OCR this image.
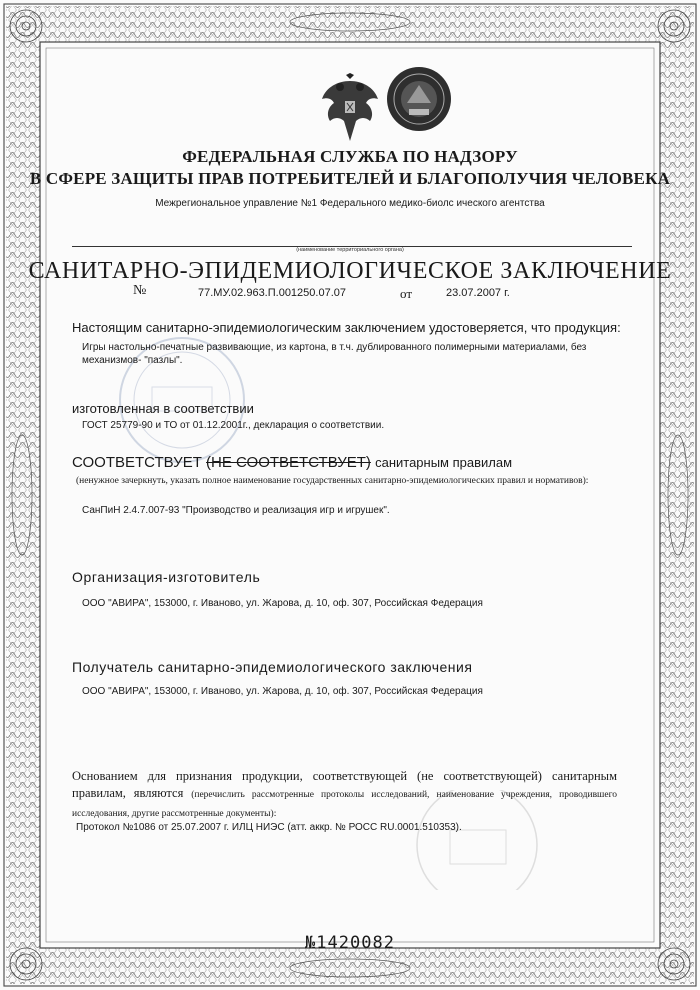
ФЕДЕРАЛЬНАЯ СЛУЖБА ПО НАДЗОРУ

В СФЕРЕ ЗАЩИТЫ ПРАВ ПОТРЕБИТЕЛЕЙ И БЛАГОПОЛУЧИЯ ЧЕЛОВЕКА

Межрегиональное управление №1 Федерального медико-биолс ическогo агентства

(наименование территориального органа)

САНИТАРНО-ЭПИДЕМИОЛОГИЧЕСКОЕ ЗАКЛЮЧЕНИЕ

№	77.МУ.02.963.П.001250.07.07	от	23.07.2007 г.

Настоящим санитарно-эпидемиологическим заключением удостоверяется, что продукция:

Игры настольно-печатные развивающие, из картона, в т.ч. дублированного полимерными материалами, без механизмов- "пазлы".

изготовленная в соответствии

ГОСТ 25779-90 и ТО от 01.12.2001г., декларация о соответствии.

СООТВЕТСТВУЕТ (НЕ СООТВЕТСТВУЕТ) санитарным правилам

(ненужное зачеркнуть, указать полное наименование государственных санитарно-эпидемиологических правил и нормативов):

СанПиН 2.4.7.007-93 "Производство и реализация игр и игрушек".

Организация-изготовитель

ООО "АВИРА", 153000, г. Иваново, ул. Жарова, д. 10, оф. 307, Российская Федерация

Получатель санитарно-эпидемиологического заключения

ООО "АВИРА", 153000, г. Иваново, ул. Жарова, д. 10, оф. 307, Российская Федерация

Основанием для признания продукции, соответствующей (не соответствующей) санитарным правилам, являются (перечислить рассмотренные протоколы исследований, наименование учреждения, проводившего исследования, другие рассмотренные документы):

Протокол №1086 от 25.07.2007 г. ИЛЦ НИЭС (атт. аккр. № РОСС RU.0001.510353).

№1420082
